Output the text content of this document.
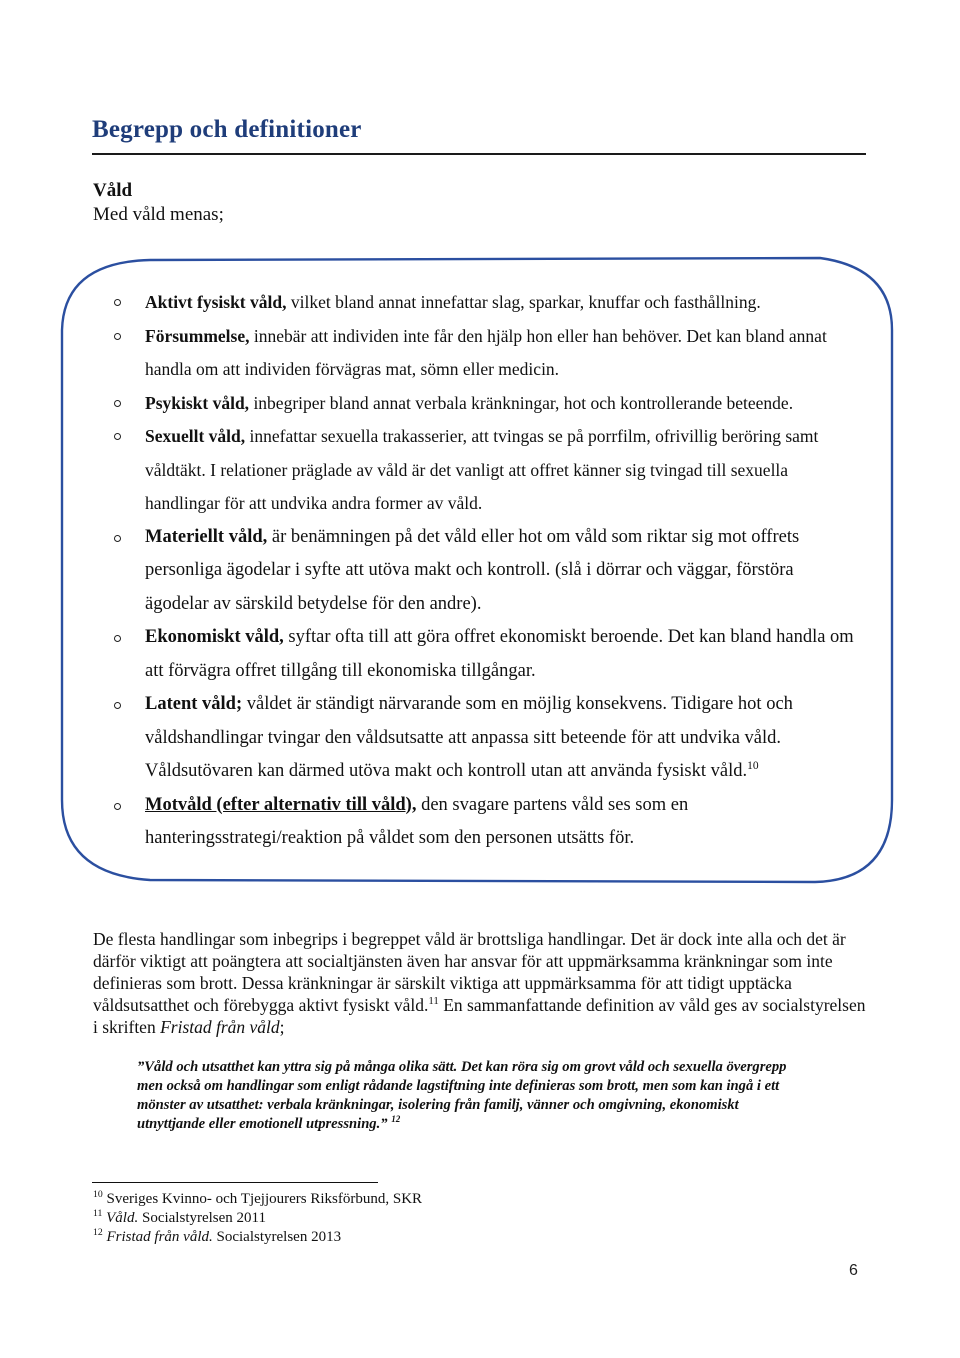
Begrepp och definitioner
Våld
Med våld menas;
Aktivt fysiskt våld, vilket bland annat innefattar slag, sparkar, knuffar och fasthållning.
Försummelse, innebär att individen inte får den hjälp hon eller han behöver. Det kan bland annat handla om att individen förvägras mat, sömn eller medicin.
Psykiskt våld, inbegriper bland annat verbala kränkningar, hot och kontrollerande beteende.
Sexuellt våld, innefattar sexuella trakasserier, att tvingas se på porrfilm, ofrivillig beröring samt våldtäkt. I relationer präglade av våld är det vanligt att offret känner sig tvingad till sexuella handlingar för att undvika andra former av våld.
Materiellt våld, är benämningen på det våld eller hot om våld som riktar sig mot offrets personliga ägodelar i syfte att utöva makt och kontroll. (slå i dörrar och väggar, förstöra ägodelar av särskild betydelse för den andre).
Ekonomiskt våld, syftar ofta till att göra offret ekonomiskt beroende. Det kan bland handla om att förvägra offret tillgång till ekonomiska tillgångar.
Latent våld; våldet är ständigt närvarande som en möjlig konsekvens. Tidigare hot och våldshandlingar tvingar den våldsutsatte att anpassa sitt beteende för att undvika våld. Våldsutövaren kan därmed utöva makt och kontroll utan att använda fysiskt våld.$^{10}$
Motvåld (efter alternativ till våld), den svagare partens våld ses som en hanteringsstrategi/reaktion på våldet som den personen utsätts för.

De flesta handlingar som inbegrips i begreppet våld är brottsliga handlingar. Det är dock inte alla och det är därför viktigt att poängtera att socialtjänsten även har ansvar för att uppmärksamma kränkningar som inte definieras som brott. Dessa kränkningar är särskilt viktiga att uppmärksamma för att tidigt upptäcka våldsutsatthet och förebygga aktivt fysiskt våld.$^{11}$ En sammanfattande definition av våld ges av socialstyrelsen i skriften Fristad från våld;

”Våld och utsatthet kan yttra sig på många olika sätt. Det kan röra sig om grovt våld och sexuella övergrepp men också om handlingar som enligt rådande lagstiftning inte definieras som brott, men som kan ingå i ett mönster av utsatthet: verbala kränkningar, isolering från familj, vänner och omgivning, ekonomiskt utnyttjande eller emotionell utpressning.” $^{12}$

$^{10}$ Sveriges Kvinno- och Tjejjourers Riksförbund, SKR
$^{11}$ Våld. Socialstyrelsen 2011
$^{12}$ Fristad från våld. Socialstyrelsen 2013
6
